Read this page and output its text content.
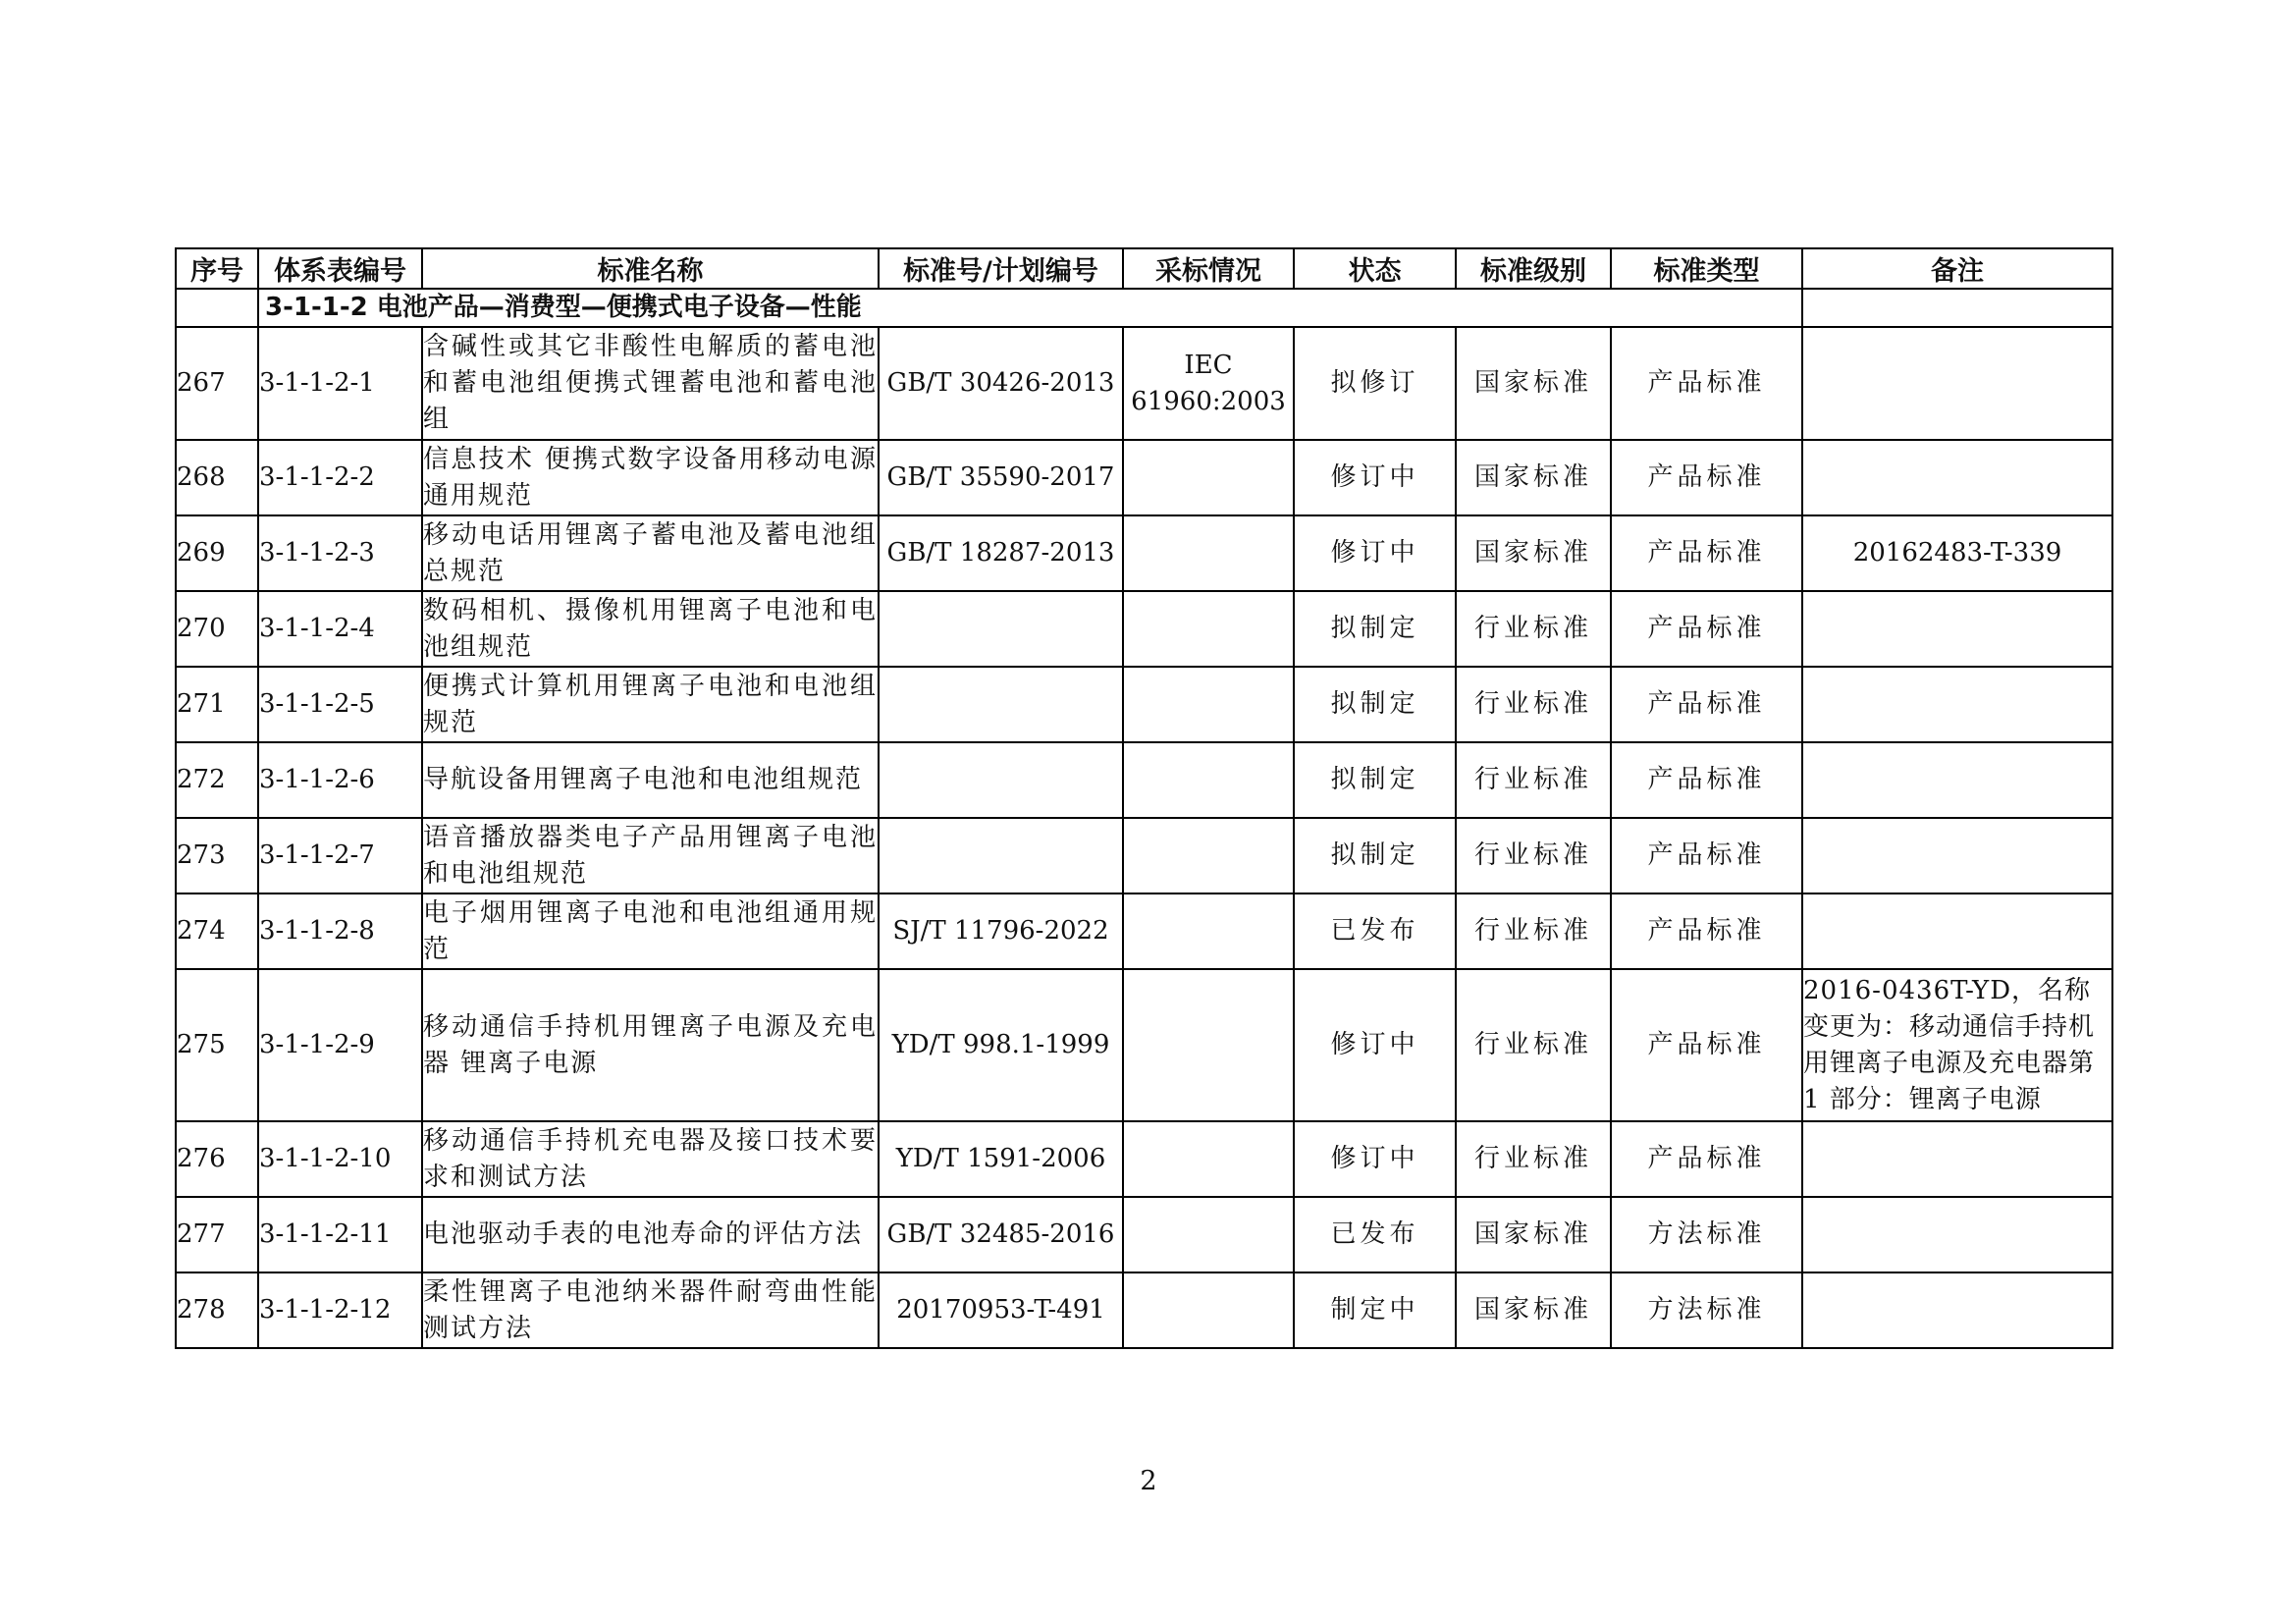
序号	体系表编号	标准名称	标准号/计划编号	采标情况	状态	标准级别	标准类型	备注
	3-1-1-2 电池产品—消费型—便携式电子设备—性能							
267	3-1-1-2-1	含碱性或其它非酸性电解质的蓄电池和蓄电池组便携式锂蓄电池和蓄电池组	GB/T 30426-2013	IEC 61960:2003	拟修订	国家标准	产品标准	
268	3-1-1-2-2	信息技术 便携式数字设备用移动电源通用规范	GB/T 35590-2017		修订中	国家标准	产品标准	
269	3-1-1-2-3	移动电话用锂离子蓄电池及蓄电池组总规范	GB/T 18287-2013		修订中	国家标准	产品标准	20162483-T-339
270	3-1-1-2-4	数码相机、摄像机用锂离子电池和电池组规范			拟制定	行业标准	产品标准	
271	3-1-1-2-5	便携式计算机用锂离子电池和电池组规范			拟制定	行业标准	产品标准	
272	3-1-1-2-6	导航设备用锂离子电池和电池组规范			拟制定	行业标准	产品标准	
273	3-1-1-2-7	语音播放器类电子产品用锂离子电池和电池组规范			拟制定	行业标准	产品标准	
274	3-1-1-2-8	电子烟用锂离子电池和电池组通用规范	SJ/T 11796-2022		已发布	行业标准	产品标准	
275	3-1-1-2-9	移动通信手持机用锂离子电源及充电器 锂离子电源	YD/T 998.1-1999		修订中	行业标准	产品标准	2016-0436T-YD，名称变更为：移动通信手持机用锂离子电源及充电器第 1 部分：锂离子电源
276	3-1-1-2-10	移动通信手持机充电器及接口技术要求和测试方法	YD/T 1591-2006		修订中	行业标准	产品标准	
277	3-1-1-2-11	电池驱动手表的电池寿命的评估方法	GB/T 32485-2016		已发布	国家标准	方法标准	
278	3-1-1-2-12	柔性锂离子电池纳米器件耐弯曲性能测试方法	20170953-T-491		制定中	国家标准	方法标准	
2
